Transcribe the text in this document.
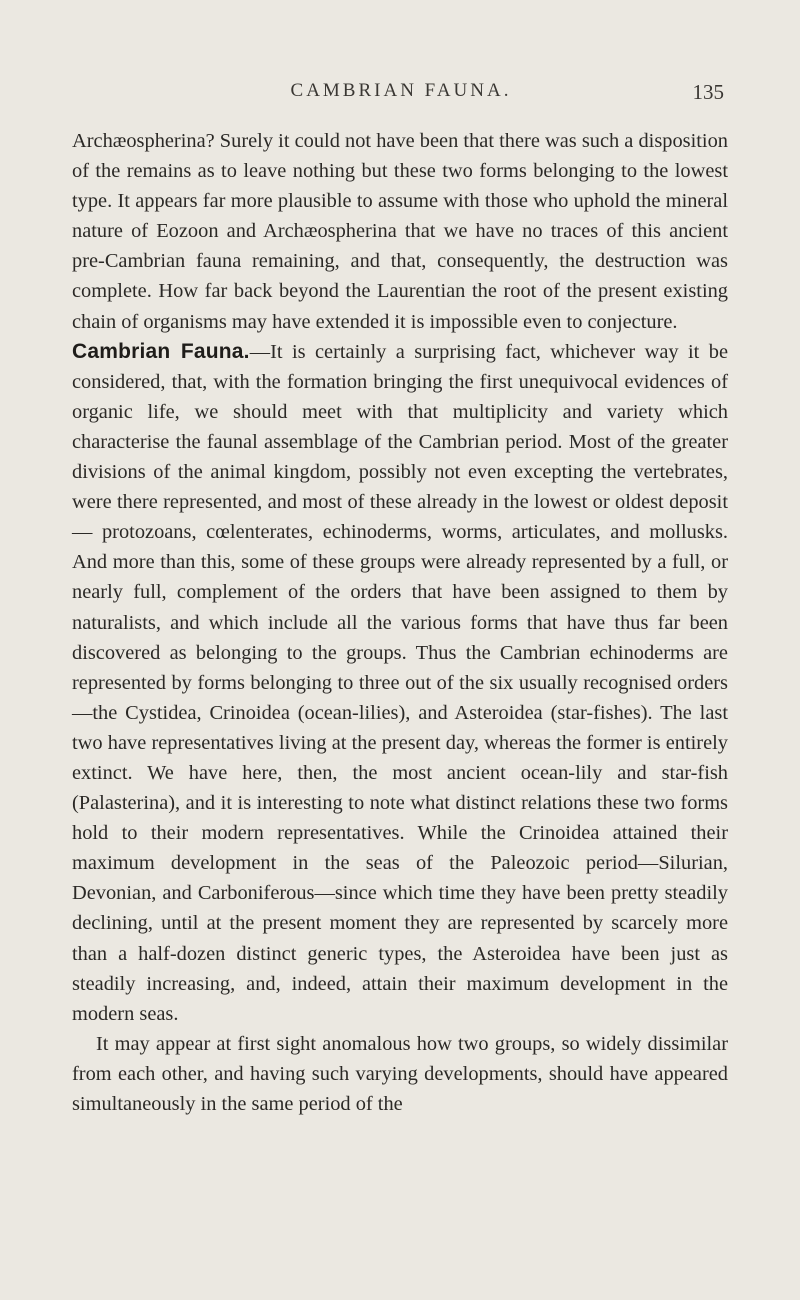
CAMBRIAN FAUNA.	135

Archæospherina? Surely it could not have been that there was such a disposition of the remains as to leave nothing but these two forms belonging to the lowest type. It appears far more plausible to assume with those who uphold the mineral nature of Eozoon and Archæospherina that we have no traces of this ancient pre-Cambrian fauna remaining, and that, consequently, the destruction was complete. How far back beyond the Laurentian the root of the present existing chain of organisms may have extended it is impossible even to conjecture.

Cambrian Fauna.—It is certainly a surprising fact, whichever way it be considered, that, with the formation bringing the first unequivocal evidences of organic life, we should meet with that multiplicity and variety which characterise the faunal assemblage of the Cambrian period. Most of the greater divisions of the animal kingdom, possibly not even excepting the vertebrates, were there represented, and most of these already in the lowest or oldest deposit — protozoans, cœlenterates, echinoderms, worms, articulates, and mollusks. And more than this, some of these groups were already represented by a full, or nearly full, complement of the orders that have been assigned to them by naturalists, and which include all the various forms that have thus far been discovered as belonging to the groups. Thus the Cambrian echinoderms are represented by forms belonging to three out of the six usually recognised orders—the Cystidea, Crinoidea (ocean-lilies), and Asteroidea (star-fishes). The last two have representatives living at the present day, whereas the former is entirely extinct. We have here, then, the most ancient ocean-lily and star-fish (Palasterina), and it is interesting to note what distinct relations these two forms hold to their modern representatives. While the Crinoidea attained their maximum development in the seas of the Paleozoic period—Silurian, Devonian, and Carboniferous—since which time they have been pretty steadily declining, until at the present moment they are represented by scarcely more than a half-dozen distinct generic types, the Asteroidea have been just as steadily increasing, and, indeed, attain their maximum development in the modern seas.

It may appear at first sight anomalous how two groups, so widely dissimilar from each other, and having such varying developments, should have appeared simultaneously in the same period of the
